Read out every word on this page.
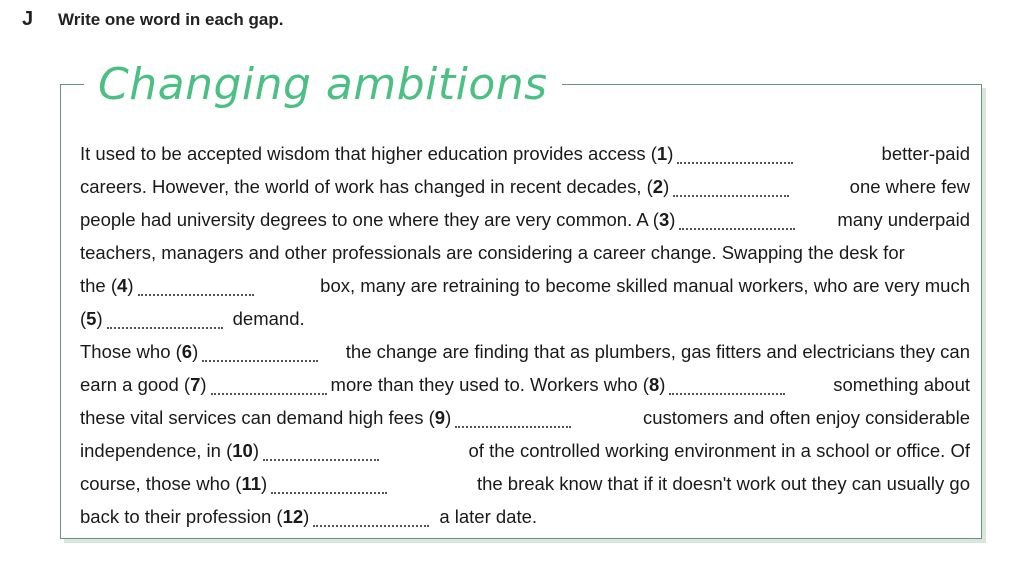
J	Write one word in each gap.
Changing ambitions
It used to be accepted wisdom that higher education provides access ( 1 )	better-paid
careers. However, the world of work has changed in recent decades, ( 2 )	one where few
people had university degrees to one where they are very common. A ( 3 )	many underpaid
teachers, managers and other professionals are considering a career change. Swapping the desk for
the ( 4 )	box, many are retraining to become skilled manual workers, who are very much
( 5 )	demand.
Those who ( 6 )	the change are finding that as plumbers, gas fitters and electricians they can
earn a good ( 7 )	more than they used to. Workers who ( 8 )	something about
these vital services can demand high fees ( 9 )	customers and often enjoy considerable
independence, in ( 10 )	of the controlled working environment in a school or office. Of
course, those who ( 11 )	the break know that if it doesn't work out they can usually go
back to their profession ( 12 )	a later date.
